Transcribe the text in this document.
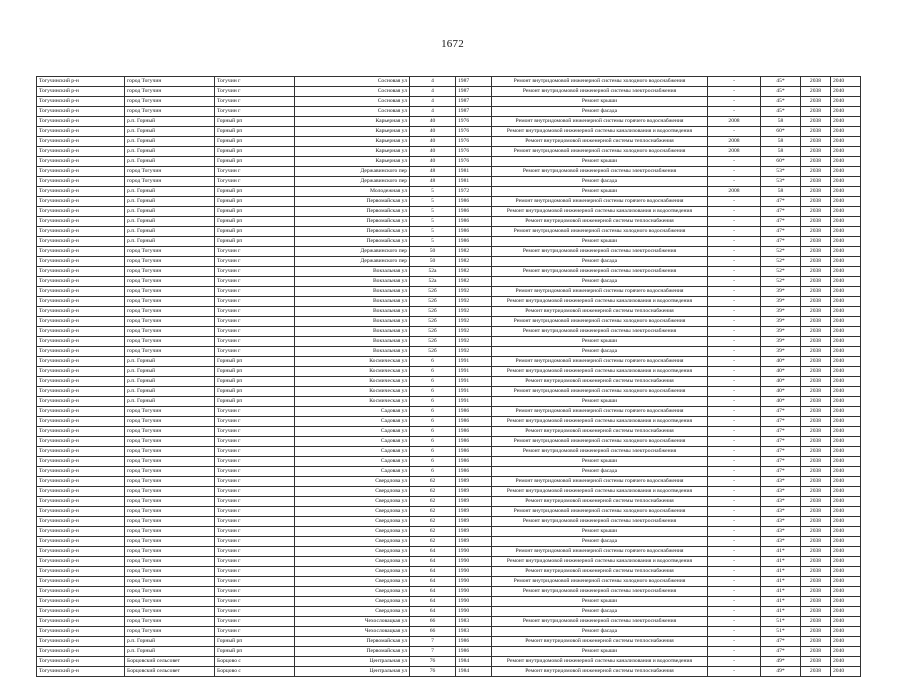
1672
Тогучинский р-н	город Тогучин	Тогучин г	Сосновая ул	4	1987	Ремонт внутридомовой инженерной системы холодного водоснабжения	-	45*	2038	2040
Тогучинский р-н	город Тогучин	Тогучин г	Сосновая ул	4	1987	Ремонт внутридомовой инженерной системы электроснабжения	-	45*	2038	2040
Тогучинский р-н	город Тогучин	Тогучин г	Сосновая ул	4	1987	Ремонт крыши	-	45*	2038	2040
Тогучинский р-н	город Тогучин	Тогучин г	Сосновая ул	4	1987	Ремонт фасада	-	45*	2038	2040
Тогучинский р-н	р.п. Горный	Горный рп	Карьерная ул	40	1976	Ремонт внутридомовой инженерной системы горячего водоснабжения	2008	58	2038	2040
Тогучинский р-н	р.п. Горный	Горный рп	Карьерная ул	40	1976	Ремонт внутридомовой инженерной системы канализования и водоотведения	-	60*	2038	2040
Тогучинский р-н	р.п. Горный	Горный рп	Карьерная ул	40	1976	Ремонт внутридомовой инженерной системы теплоснабжения	2008	58	2038	2040
Тогучинский р-н	р.п. Горный	Горный рп	Карьерная ул	40	1976	Ремонт внутридомовой инженерной системы холодного водоснабжения	2008	58	2038	2040
Тогучинский р-н	р.п. Горный	Горный рп	Карьерная ул	40	1976	Ремонт крыши	-	60*	2038	2040
Тогучинский р-н	город Тогучин	Тогучин г	Державинского пер	48	1981	Ремонт внутридомовой инженерной системы электроснабжения	-	53*	2038	2040
Тогучинский р-н	город Тогучин	Тогучин г	Державинского пер	48	1981	Ремонт фасада	-	53*	2038	2040
Тогучинский р-н	р.п. Горный	Горный рп	Молодежная ул	5	1972	Ремонт крыши	2008	58	2038	2040
Тогучинский р-н	р.п. Горный	Горный рп	Первомайская ул	5	1986	Ремонт внутридомовой инженерной системы горячего водоснабжения	-	47*	2038	2040
Тогучинский р-н	р.п. Горный	Горный рп	Первомайская ул	5	1986	Ремонт внутридомовой инженерной системы канализования и водоотведения	-	47*	2038	2040
Тогучинский р-н	р.п. Горный	Горный рп	Первомайская ул	5	1986	Ремонт внутридомовой инженерной системы теплоснабжения	-	47*	2038	2040
Тогучинский р-н	р.п. Горный	Горный рп	Первомайская ул	5	1986	Ремонт внутридомовой инженерной системы холодного водоснабжения	-	47*	2038	2040
Тогучинский р-н	р.п. Горный	Горный рп	Первомайская ул	5	1986	Ремонт крыши	-	47*	2038	2040
Тогучинский р-н	город Тогучин	Тогучин г	Державинского пер	50	1982	Ремонт внутридомовой инженерной системы электроснабжения	-	52*	2038	2040
Тогучинский р-н	город Тогучин	Тогучин г	Державинского пер	50	1982	Ремонт фасада	-	52*	2038	2040
Тогучинский р-н	город Тогучин	Тогучин г	Вокзальная ул	52а	1982	Ремонт внутридомовой инженерной системы электроснабжения	-	52*	2038	2040
Тогучинский р-н	город Тогучин	Тогучин г	Вокзальная ул	52а	1982	Ремонт фасада	-	52*	2038	2040
Тогучинский р-н	город Тогучин	Тогучин г	Вокзальная ул	52б	1992	Ремонт внутридомовой инженерной системы горячего водоснабжения	-	39*	2038	2040
Тогучинский р-н	город Тогучин	Тогучин г	Вокзальная ул	52б	1992	Ремонт внутридомовой инженерной системы канализования и водоотведения	-	39*	2038	2040
Тогучинский р-н	город Тогучин	Тогучин г	Вокзальная ул	52б	1992	Ремонт внутридомовой инженерной системы теплоснабжения	-	39*	2038	2040
Тогучинский р-н	город Тогучин	Тогучин г	Вокзальная ул	52б	1992	Ремонт внутридомовой инженерной системы холодного водоснабжения	-	39*	2038	2040
Тогучинский р-н	город Тогучин	Тогучин г	Вокзальная ул	52б	1992	Ремонт внутридомовой инженерной системы электроснабжения	-	39*	2038	2040
Тогучинский р-н	город Тогучин	Тогучин г	Вокзальная ул	52б	1992	Ремонт крыши	-	39*	2038	2040
Тогучинский р-н	город Тогучин	Тогучин г	Вокзальная ул	52б	1992	Ремонт фасада	-	39*	2038	2040
Тогучинский р-н	р.п. Горный	Горный рп	Космическая ул	6	1991	Ремонт внутридомовой инженерной системы горячего водоснабжения	-	40*	2038	2040
Тогучинский р-н	р.п. Горный	Горный рп	Космическая ул	6	1991	Ремонт внутридомовой инженерной системы канализования и водоотведения	-	40*	2038	2040
Тогучинский р-н	р.п. Горный	Горный рп	Космическая ул	6	1991	Ремонт внутридомовой инженерной системы теплоснабжения	-	40*	2038	2040
Тогучинский р-н	р.п. Горный	Горный рп	Космическая ул	6	1991	Ремонт внутридомовой инженерной системы холодного водоснабжения	-	40*	2038	2040
Тогучинский р-н	р.п. Горный	Горный рп	Космическая ул	6	1991	Ремонт крыши	-	40*	2038	2040
Тогучинский р-н	город Тогучин	Тогучин г	Садовая ул	6	1986	Ремонт внутридомовой инженерной системы горячего водоснабжения	-	47*	2038	2040
Тогучинский р-н	город Тогучин	Тогучин г	Садовая ул	6	1986	Ремонт внутридомовой инженерной системы канализования и водоотведения	-	47*	2038	2040
Тогучинский р-н	город Тогучин	Тогучин г	Садовая ул	6	1986	Ремонт внутридомовой инженерной системы теплоснабжения	-	47*	2038	2040
Тогучинский р-н	город Тогучин	Тогучин г	Садовая ул	6	1986	Ремонт внутридомовой инженерной системы холодного водоснабжения	-	47*	2038	2040
Тогучинский р-н	город Тогучин	Тогучин г	Садовая ул	6	1986	Ремонт внутридомовой инженерной системы электроснабжения	-	47*	2038	2040
Тогучинский р-н	город Тогучин	Тогучин г	Садовая ул	6	1986	Ремонт крыши	-	47*	2038	2040
Тогучинский р-н	город Тогучин	Тогучин г	Садовая ул	6	1986	Ремонт фасада	-	47*	2038	2040
Тогучинский р-н	город Тогучин	Тогучин г	Свердлова ул	62	1989	Ремонт внутридомовой инженерной системы горячего водоснабжения	-	43*	2038	2040
Тогучинский р-н	город Тогучин	Тогучин г	Свердлова ул	62	1989	Ремонт внутридомовой инженерной системы канализования и водоотведения	-	43*	2038	2040
Тогучинский р-н	город Тогучин	Тогучин г	Свердлова ул	62	1989	Ремонт внутридомовой инженерной системы теплоснабжения	-	43*	2038	2040
Тогучинский р-н	город Тогучин	Тогучин г	Свердлова ул	62	1989	Ремонт внутридомовой инженерной системы холодного водоснабжения	-	43*	2038	2040
Тогучинский р-н	город Тогучин	Тогучин г	Свердлова ул	62	1989	Ремонт внутридомовой инженерной системы электроснабжения	-	43*	2038	2040
Тогучинский р-н	город Тогучин	Тогучин г	Свердлова ул	62	1989	Ремонт крыши	-	43*	2038	2040
Тогучинский р-н	город Тогучин	Тогучин г	Свердлова ул	62	1989	Ремонт фасада	-	43*	2038	2040
Тогучинский р-н	город Тогучин	Тогучин г	Свердлова ул	64	1990	Ремонт внутридомовой инженерной системы горячего водоснабжения	-	41*	2038	2040
Тогучинский р-н	город Тогучин	Тогучин г	Свердлова ул	64	1990	Ремонт внутридомовой инженерной системы канализования и водоотведения	-	41*	2038	2040
Тогучинский р-н	город Тогучин	Тогучин г	Свердлова ул	64	1990	Ремонт внутридомовой инженерной системы теплоснабжения	-	41*	2038	2040
Тогучинский р-н	город Тогучин	Тогучин г	Свердлова ул	64	1990	Ремонт внутридомовой инженерной системы холодного водоснабжения	-	41*	2038	2040
Тогучинский р-н	город Тогучин	Тогучин г	Свердлова ул	64	1990	Ремонт внутридомовой инженерной системы электроснабжения	-	41*	2038	2040
Тогучинский р-н	город Тогучин	Тогучин г	Свердлова ул	64	1990	Ремонт крыши	-	41*	2038	2040
Тогучинский р-н	город Тогучин	Тогучин г	Свердлова ул	64	1990	Ремонт фасада	-	41*	2038	2040
Тогучинский р-н	город Тогучин	Тогучин г	Чехословацкая ул	66	1983	Ремонт внутридомовой инженерной системы электроснабжения	-	51*	2038	2040
Тогучинский р-н	город Тогучин	Тогучин г	Чехословацкая ул	66	1983	Ремонт фасада	-	51*	2038	2040
Тогучинский р-н	р.п. Горный	Горный рп	Первомайская ул	7	1986	Ремонт внутридомовой инженерной системы теплоснабжения	-	47*	2038	2040
Тогучинский р-н	р.п. Горный	Горный рп	Первомайская ул	7	1986	Ремонт крыши	-	47*	2038	2040
Тогучинский р-н	Борцовский сельсовет	Борцово с	Центральная ул	76	1984	Ремонт внутридомовой инженерной системы канализования и водоотведения	-	49*	2038	2040
Тогучинский р-н	Борцовский сельсовет	Борцово с	Центральная ул	76	1984	Ремонт внутридомовой инженерной системы теплоснабжения	-	49*	2038	2040
